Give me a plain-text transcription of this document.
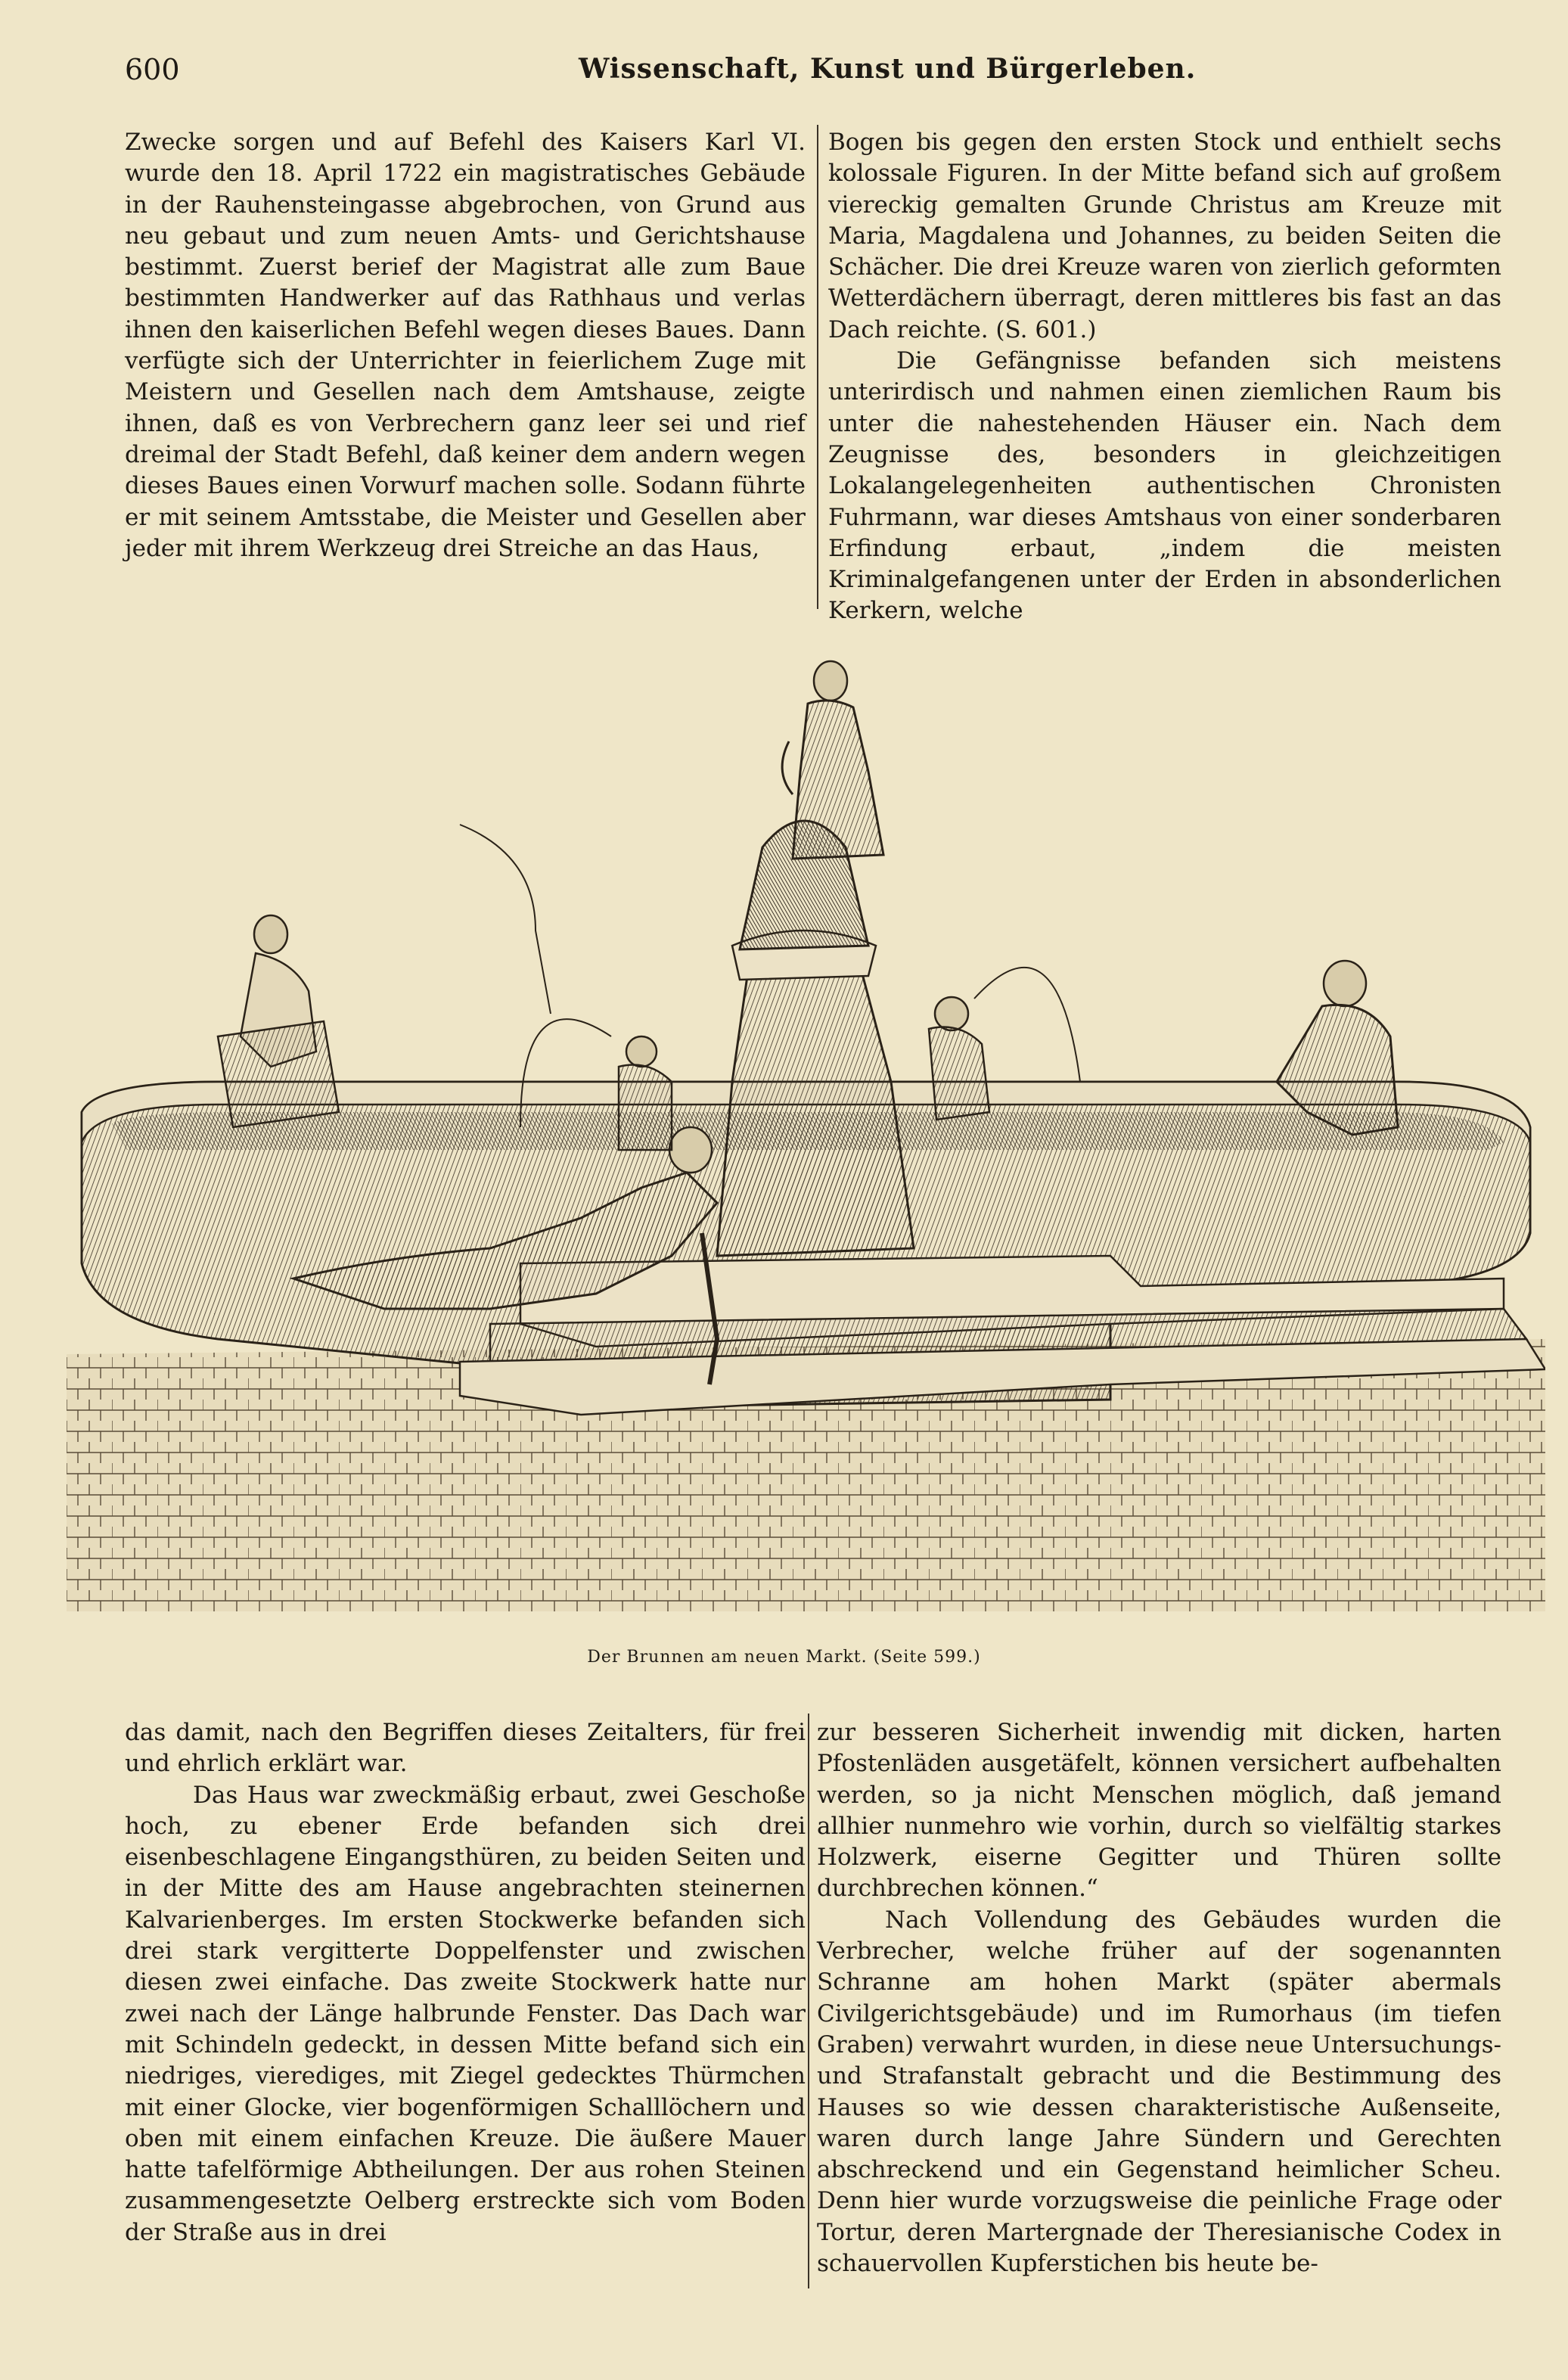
600	Wissenschaft, Kunst und Bürgerleben.

Zwecke sorgen und auf Befehl des Kaisers Karl VI. wurde den 18. April 1722 ein magistratisches Gebäude in der Rauhensteingasse abgebrochen, von Grund aus neu gebaut und zum neuen Amts- und Gerichtshause bestimmt. Zuerst berief der Magistrat alle zum Baue bestimmten Handwerker auf das Rathhaus und verlas ihnen den kaiserlichen Befehl wegen dieses Baues. Dann verfügte sich der Unterrichter in feierlichem Zuge mit Meistern und Gesellen nach dem Amtshause, zeigte ihnen, daß es von Verbrechern ganz leer sei und rief dreimal der Stadt Befehl, daß keiner dem andern wegen dieses Baues einen Vorwurf machen solle. Sodann führte er mit seinem Amtsstabe, die Meister und Gesellen aber jeder mit ihrem Werkzeug drei Streiche an das Haus,

Bogen bis gegen den ersten Stock und enthielt sechs kolossale Figuren. In der Mitte befand sich auf großem viereckig gemalten Grunde Christus am Kreuze mit Maria, Magdalena und Johannes, zu beiden Seiten die Schächer. Die drei Kreuze waren von zierlich geformten Wetterdächern überragt, deren mittleres bis fast an das Dach reichte. (S. 601.)

Die Gefängnisse befanden sich meistens unterirdisch und nahmen einen ziemlichen Raum bis unter die nahestehenden Häuser ein. Nach dem Zeugnisse des, besonders in gleichzeitigen Lokalangelegenheiten authentischen Chronisten Fuhrmann, war dieses Amtshaus von einer sonderbaren Erfindung erbaut, „indem die meisten Kriminalgefangenen unter der Erden in absonderlichen Kerkern, welche

Der Brunnen am neuen Markt. (Seite 599.)

das damit, nach den Begriffen dieses Zeitalters, für frei und ehrlich erklärt war.

Das Haus war zweckmäßig erbaut, zwei Geschoße hoch, zu ebener Erde befanden sich drei eisenbeschlagene Eingangsthüren, zu beiden Seiten und in der Mitte des am Hause angebrachten steinernen Kalvarienberges. Im ersten Stockwerke befanden sich drei stark vergitterte Doppelfenster und zwischen diesen zwei einfache. Das zweite Stockwerk hatte nur zwei nach der Länge halbrunde Fenster. Das Dach war mit Schindeln gedeckt, in dessen Mitte befand sich ein niedriges, vierediges, mit Ziegel gedecktes Thürmchen mit einer Glocke, vier bogenförmigen Schalllöchern und oben mit einem einfachen Kreuze. Die äußere Mauer hatte tafelförmige Abtheilungen. Der aus rohen Steinen zusammengesetzte Oelberg erstreckte sich vom Boden der Straße aus in drei

zur besseren Sicherheit inwendig mit dicken, harten Pfostenläden ausgetäfelt, können versichert aufbehalten werden, so ja nicht Menschen möglich, daß jemand allhier nunmehro wie vorhin, durch so vielfältig starkes Holzwerk, eiserne Gegitter und Thüren sollte durchbrechen können.“

Nach Vollendung des Gebäudes wurden die Verbrecher, welche früher auf der sogenannten Schranne am hohen Markt (später abermals Civilgerichtsgebäude) und im Rumorhaus (im tiefen Graben) verwahrt wurden, in diese neue Untersuchungs- und Strafanstalt gebracht und die Bestimmung des Hauses so wie dessen charakteristische Außenseite, waren durch lange Jahre Sündern und Gerechten abschreckend und ein Gegenstand heimlicher Scheu. Denn hier wurde vorzugsweise die peinliche Frage oder Tortur, deren Martergnade der Theresianische Codex in schauervollen Kupferstichen bis heute be-
